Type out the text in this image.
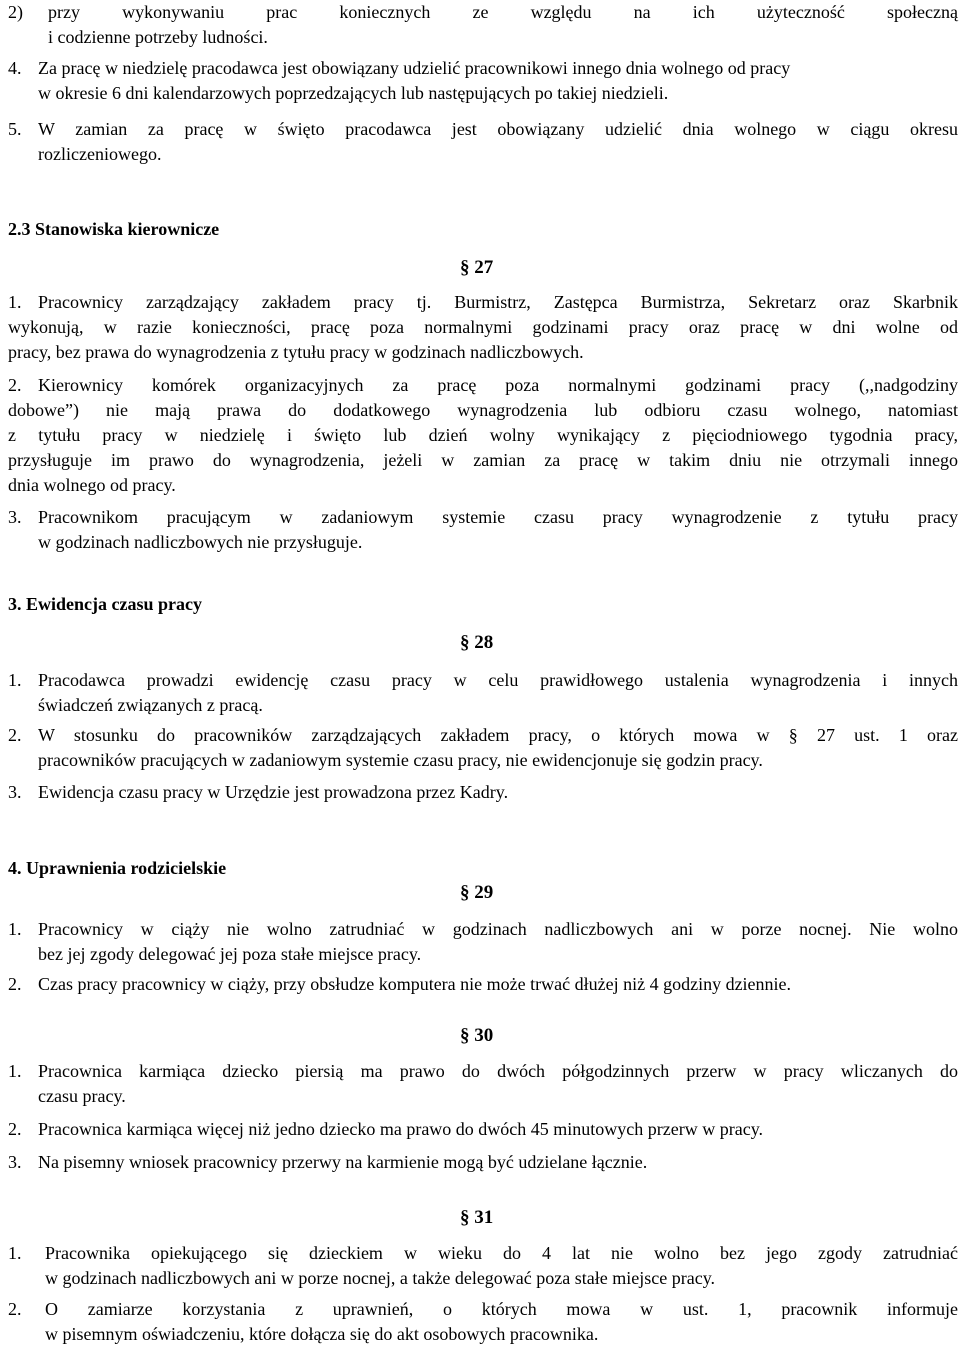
2) przy wykonywaniu prac koniecznych ze względu na ich użyteczność społeczną
i codzienne potrzeby ludności.
4. Za pracę w niedzielę pracodawca jest obowiązany udzielić pracownikowi innego dnia wolnego od pracy
w okresie 6 dni kalendarzowych poprzedzających lub następujących po takiej niedzieli.
5. W zamian za pracę w święto pracodawca jest obowiązany udzielić dnia wolnego w ciągu okresu
rozliczeniowego.
2.3 Stanowiska kierownicze
§ 27
1. Pracownicy zarządzający zakładem pracy tj. Burmistrz, Zastępca Burmistrza, Sekretarz oraz Skarbnik
wykonują, w razie konieczności, pracę poza normalnymi godzinami pracy oraz pracę w dni wolne od
pracy, bez prawa do wynagrodzenia z tytułu pracy w godzinach nadliczbowych.
2. Kierownicy komórek organizacyjnych za pracę poza normalnymi godzinami pracy (,,nadgodziny
dobowe”) nie mają prawa do dodatkowego wynagrodzenia lub odbioru czasu wolnego, natomiast
z tytułu pracy w niedzielę i święto lub dzień wolny wynikający z pięciodniowego tygodnia pracy,
przysługuje im prawo do wynagrodzenia, jeżeli w zamian za pracę w takim dniu nie otrzymali innego
dnia wolnego od pracy.
3. Pracownikom pracującym w zadaniowym systemie czasu pracy wynagrodzenie z tytułu pracy
w godzinach nadliczbowych nie przysługuje.
3. Ewidencja czasu pracy
§ 28
1. Pracodawca prowadzi ewidencję czasu pracy w celu prawidłowego ustalenia wynagrodzenia i innych
świadczeń związanych z pracą.
2. W stosunku do pracowników zarządzających zakładem pracy, o których mowa w § 27 ust. 1 oraz
pracowników pracujących w zadaniowym systemie czasu pracy, nie ewidencjonuje się godzin pracy.
3. Ewidencja czasu pracy w Urzędzie jest prowadzona przez Kadry.
4. Uprawnienia rodzicielskie
§ 29
1. Pracownicy w ciąży nie wolno zatrudniać w godzinach nadliczbowych ani w porze nocnej. Nie wolno
bez jej zgody delegować jej poza stałe miejsce pracy.
2. Czas pracy pracownicy w ciąży, przy obsłudze komputera nie może trwać dłużej niż 4 godziny dziennie.
§ 30
1. Pracownica karmiąca dziecko piersią ma prawo do dwóch półgodzinnych przerw w pracy wliczanych do
czasu pracy.
2. Pracownica karmiąca więcej niż jedno dziecko ma prawo do dwóch 45 minutowych przerw w pracy.
3. Na pisemny wniosek pracownicy przerwy na karmienie mogą być udzielane łącznie.
§ 31
1. Pracownika opiekującego się dzieckiem w wieku do 4 lat nie wolno bez jego zgody zatrudniać
w godzinach nadliczbowych ani w porze nocnej, a także delegować poza stałe miejsce pracy.
2. O zamiarze korzystania z uprawnień, o których mowa w ust. 1, pracownik informuje
w pisemnym oświadczeniu, które dołącza się do akt osobowych pracownika.
